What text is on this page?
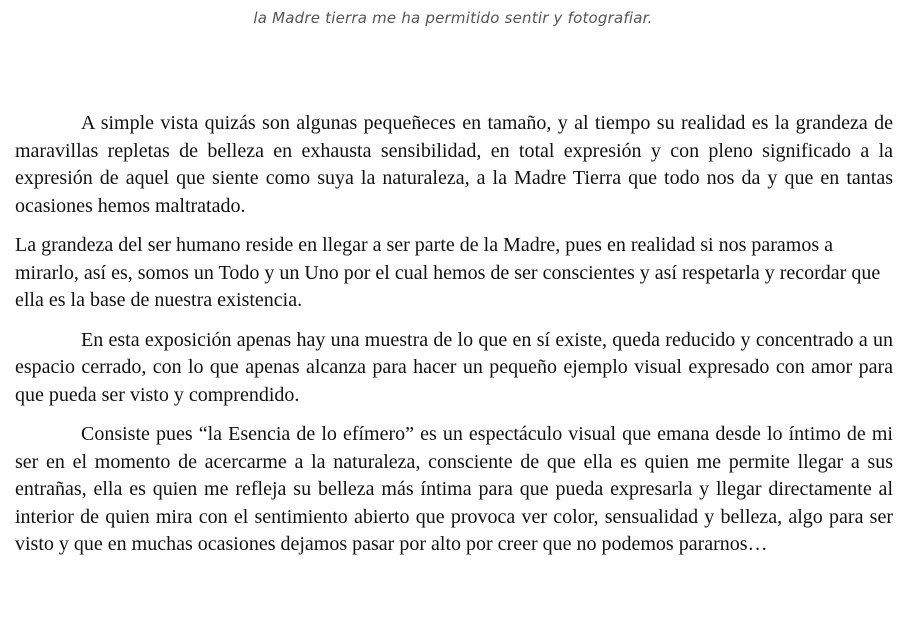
la Madre tierra me ha permitido sentir y fotografiar.

A simple vista quizás son algunas pequeñeces en tamaño, y al tiempo su realidad es la grandeza de maravillas repletas de belleza en exhausta sensibilidad, en total expresión y con pleno significado a la expresión de aquel que siente como suya la naturaleza, a la Madre Tierra que todo nos da y que en tantas ocasiones hemos maltratado.

La grandeza del ser humano reside en llegar a ser parte de la Madre, pues en realidad si nos paramos a mirarlo, así es, somos un Todo y un Uno por el cual hemos de ser conscientes y así respetarla y recordar que ella es la base de nuestra existencia.

En esta exposición apenas hay una muestra de lo que en sí existe, queda reducido y concentrado a un espacio cerrado, con lo que apenas alcanza para hacer un pequeño ejemplo visual expresado con amor para que pueda ser visto y comprendido.

Consiste pues “la Esencia de lo efímero” es un espectáculo visual que emana desde lo íntimo de mi ser en el momento de acercarme a la naturaleza, consciente de que ella es quien me permite llegar a sus entrañas, ella es quien me refleja su belleza más íntima para que pueda expresarla y llegar directamente al interior de quien mira con el sentimiento abierto que provoca ver color, sensualidad y belleza, algo para ser visto y que en muchas ocasiones dejamos pasar por alto por creer que no podemos pararnos…
